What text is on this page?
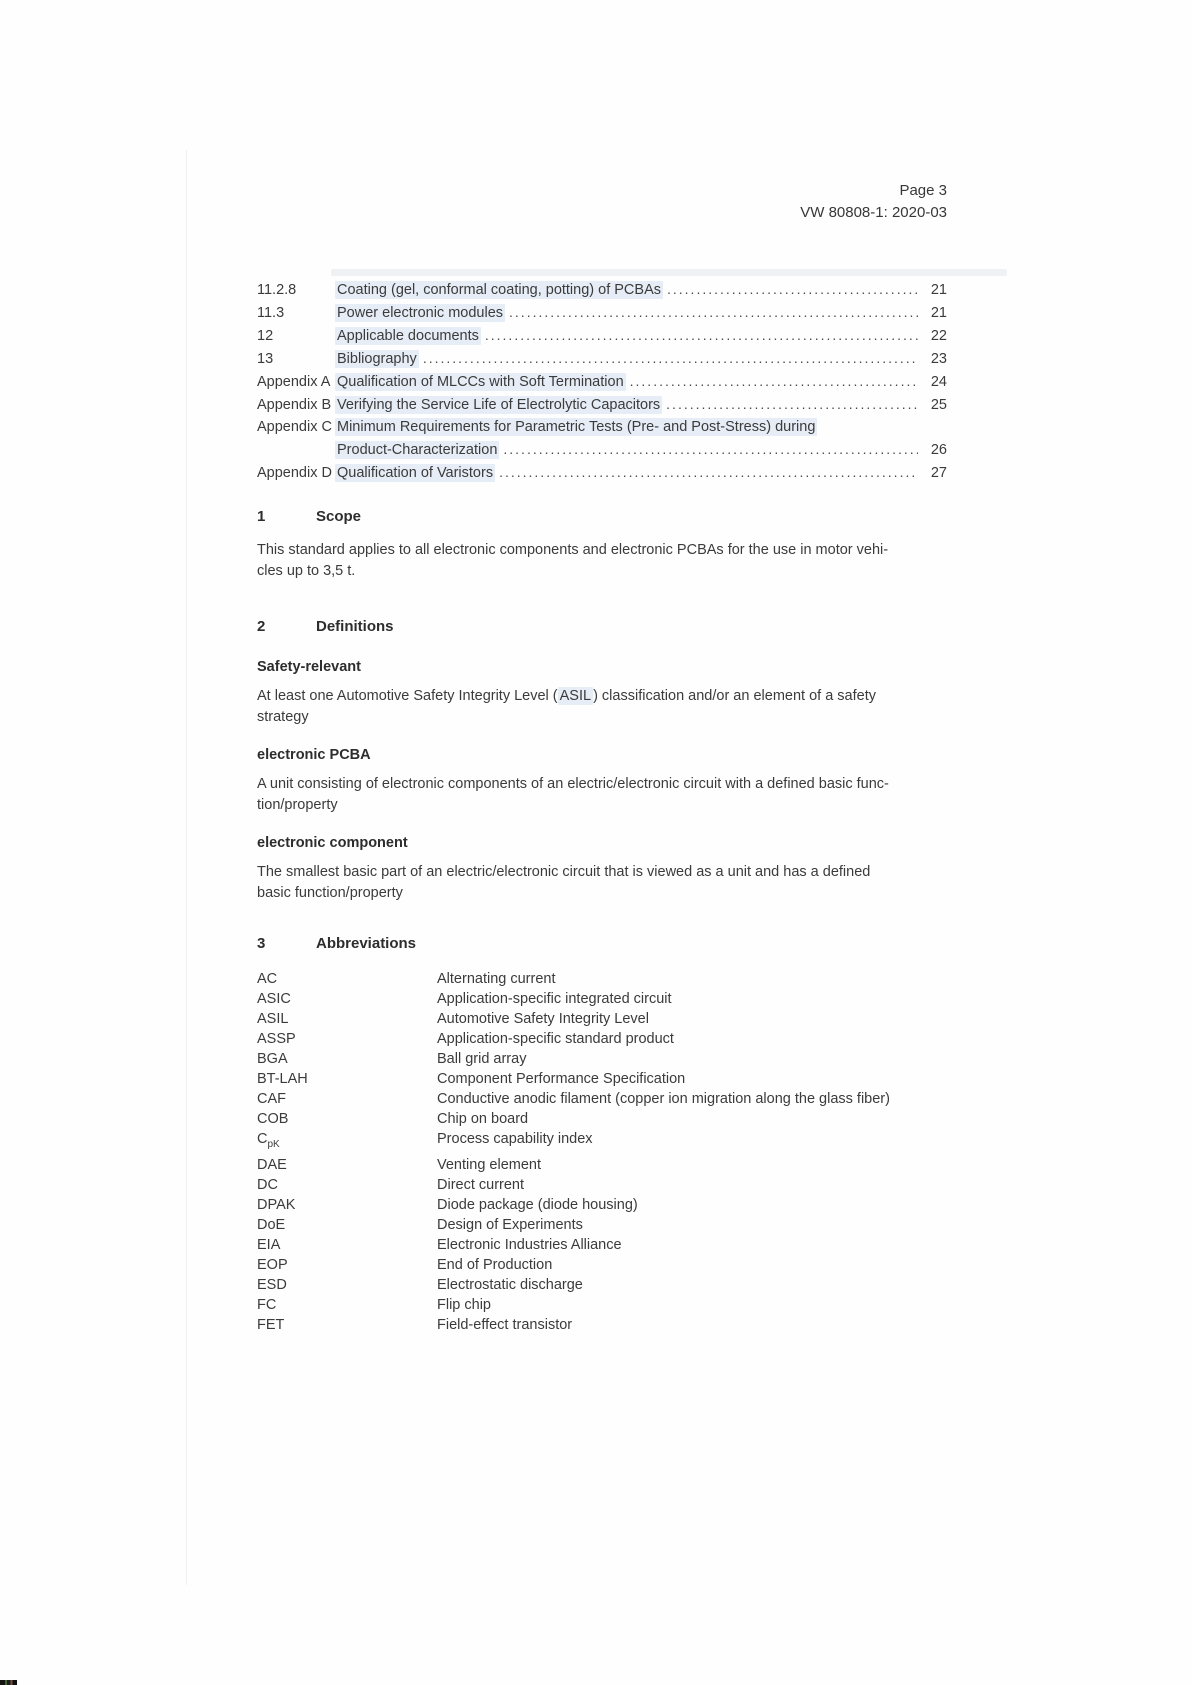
Page 3
VW 80808-1: 2020-03
11.2.8	Coating (gel, conformal coating, potting) of PCBAs .....	21
11.3	Power electronic modules .....	21
12	Applicable documents .....	22
13	Bibliography .....	23
Appendix A Qualification of MLCCs with Soft Termination .....	24
Appendix B Verifying the Service Life of Electrolytic Capacitors .....	25
Appendix C Minimum Requirements for Parametric Tests (Pre- and Post-Stress) during
Product-Characterization .....	26
Appendix D Qualification of Varistors .....	27
1	Scope

This standard applies to all electronic components and electronic PCBAs for the use in motor vehi-
cles up to 3,5 t.

2	Definitions
Safety-relevant

At least one Automotive Safety Integrity Level ( ASIL ) classification and/or an element of a safety
strategy

electronic PCBA

A unit consisting of electronic components of an electric/electronic circuit with a defined basic func-
tion/property

electronic component

The smallest basic part of an electric/electronic circuit that is viewed as a unit and has a defined
basic function/property

3	Abbreviations
AC	Alternating current
ASIC	Application-specific integrated circuit
ASIL	Automotive Safety Integrity Level
ASSP	Application-specific standard product
BGA	Ball grid array
BT-LAH	Component Performance Specification
CAF	Conductive anodic filament (copper ion migration along the glass fiber)
COB	Chip on board
$C_{pK}$	Process capability index
DAE	Venting element
DC	Direct current
DPAK	Diode package (diode housing)
DoE	Design of Experiments
EIA	Electronic Industries Alliance
EOP	End of Production
ESD	Electrostatic discharge
FC	Flip chip
FET	Field-effect transistor
